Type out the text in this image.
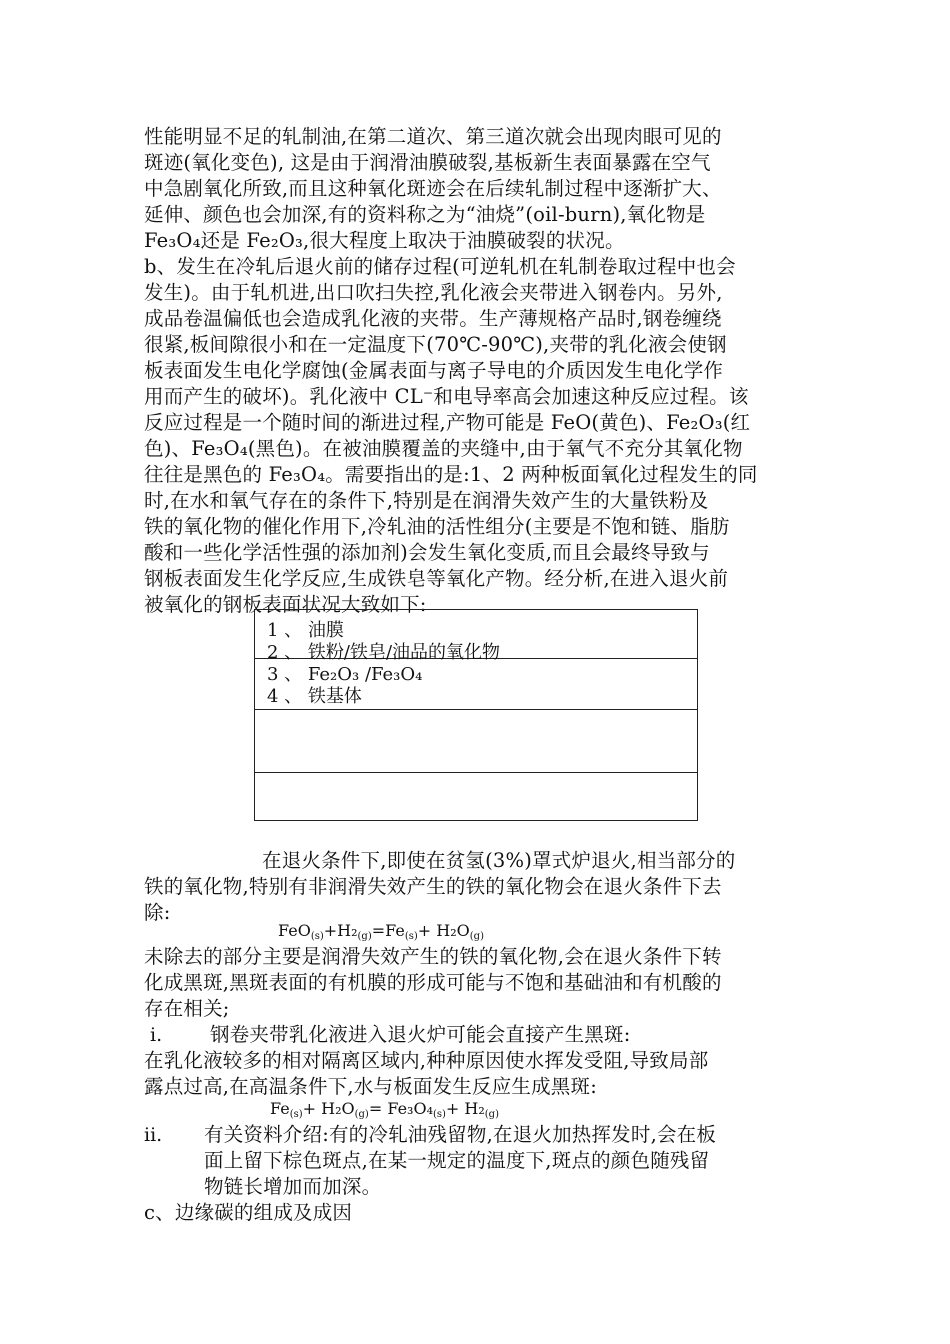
性能明显不足的轧制油,在第二道次、第三道次就会出现肉眼可见的
斑迹(氧化变色), 这是由于润滑油膜破裂,基板新生表面暴露在空气
中急剧氧化所致,而且这种氧化斑迹会在后续轧制过程中逐渐扩大、
延伸、颜色也会加深,有的资料称之为“油烧”(oil-burn),氧化物是
Fe₃O₄还是 Fe₂O₃,很大程度上取决于油膜破裂的状况。
b、发生在冷轧后退火前的储存过程(可逆轧机在轧制卷取过程中也会
发生)。由于轧机进,出口吹扫失控,乳化液会夹带进入钢卷内。另外,
成品卷温偏低也会造成乳化液的夹带。生产薄规格产品时,钢卷缠绕
很紧,板间隙很小和在一定温度下(70℃-90℃),夹带的乳化液会使钢
板表面发生电化学腐蚀(金属表面与离子导电的介质因发生电化学作
用而产生的破坏)。乳化液中 CL⁻和电导率高会加速这种反应过程。该
反应过程是一个随时间的渐进过程,产物可能是 FeO(黄色)、Fe₂O₃(红
色)、Fe₃O₄(黑色)。在被油膜覆盖的夹缝中,由于氧气不充分其氧化物
往往是黑色的 Fe₃O₄。需要指出的是:1、2 两种板面氧化过程发生的同
时,在水和氧气存在的条件下,特别是在润滑失效产生的大量铁粉及
铁的氧化物的催化作用下,冷轧油的活性组分(主要是不饱和链、脂肪
酸和一些化学活性强的添加剂)会发生氧化变质,而且会最终导致与
钢板表面发生化学反应,生成铁皂等氧化产物。经分析,在进入退火前
被氧化的钢板表面状况大致如下:
1 、 油膜
2 、 铁粉/铁皂/油品的氧化物
3 、 Fe₂O₃ /Fe₃O₄
4 、 铁基体
在退火条件下,即使在贫氢(3%)罩式炉退火,相当部分的
铁的氧化物,特别有非润滑失效产生的铁的氧化物会在退火条件下去
除:
$FeO_{(s)}+H_2_{(g)}=Fe_{(s)}+ H_2O_{(g)}$
未除去的部分主要是润滑失效产生的铁的氧化物,会在退火条件下转
化成黑斑,黑斑表面的有机膜的形成可能与不饱和基础油和有机酸的
存在相关;
i. 钢卷夹带乳化液进入退火炉可能会直接产生黑斑:
在乳化液较多的相对隔离区域内,种种原因使水挥发受阻,导致局部
露点过高,在高温条件下,水与板面发生反应生成黑斑:
$Fe_{(s)}+ H_2O_{(g)}= Fe_3O_4_{(s)}+ H_2_{(g)}$
ii. 有关资料介绍:有的冷轧油残留物,在退火加热挥发时,会在板
面上留下棕色斑点,在某一规定的温度下,斑点的颜色随残留
物链长增加而加深。
c、边缘碳的组成及成因
